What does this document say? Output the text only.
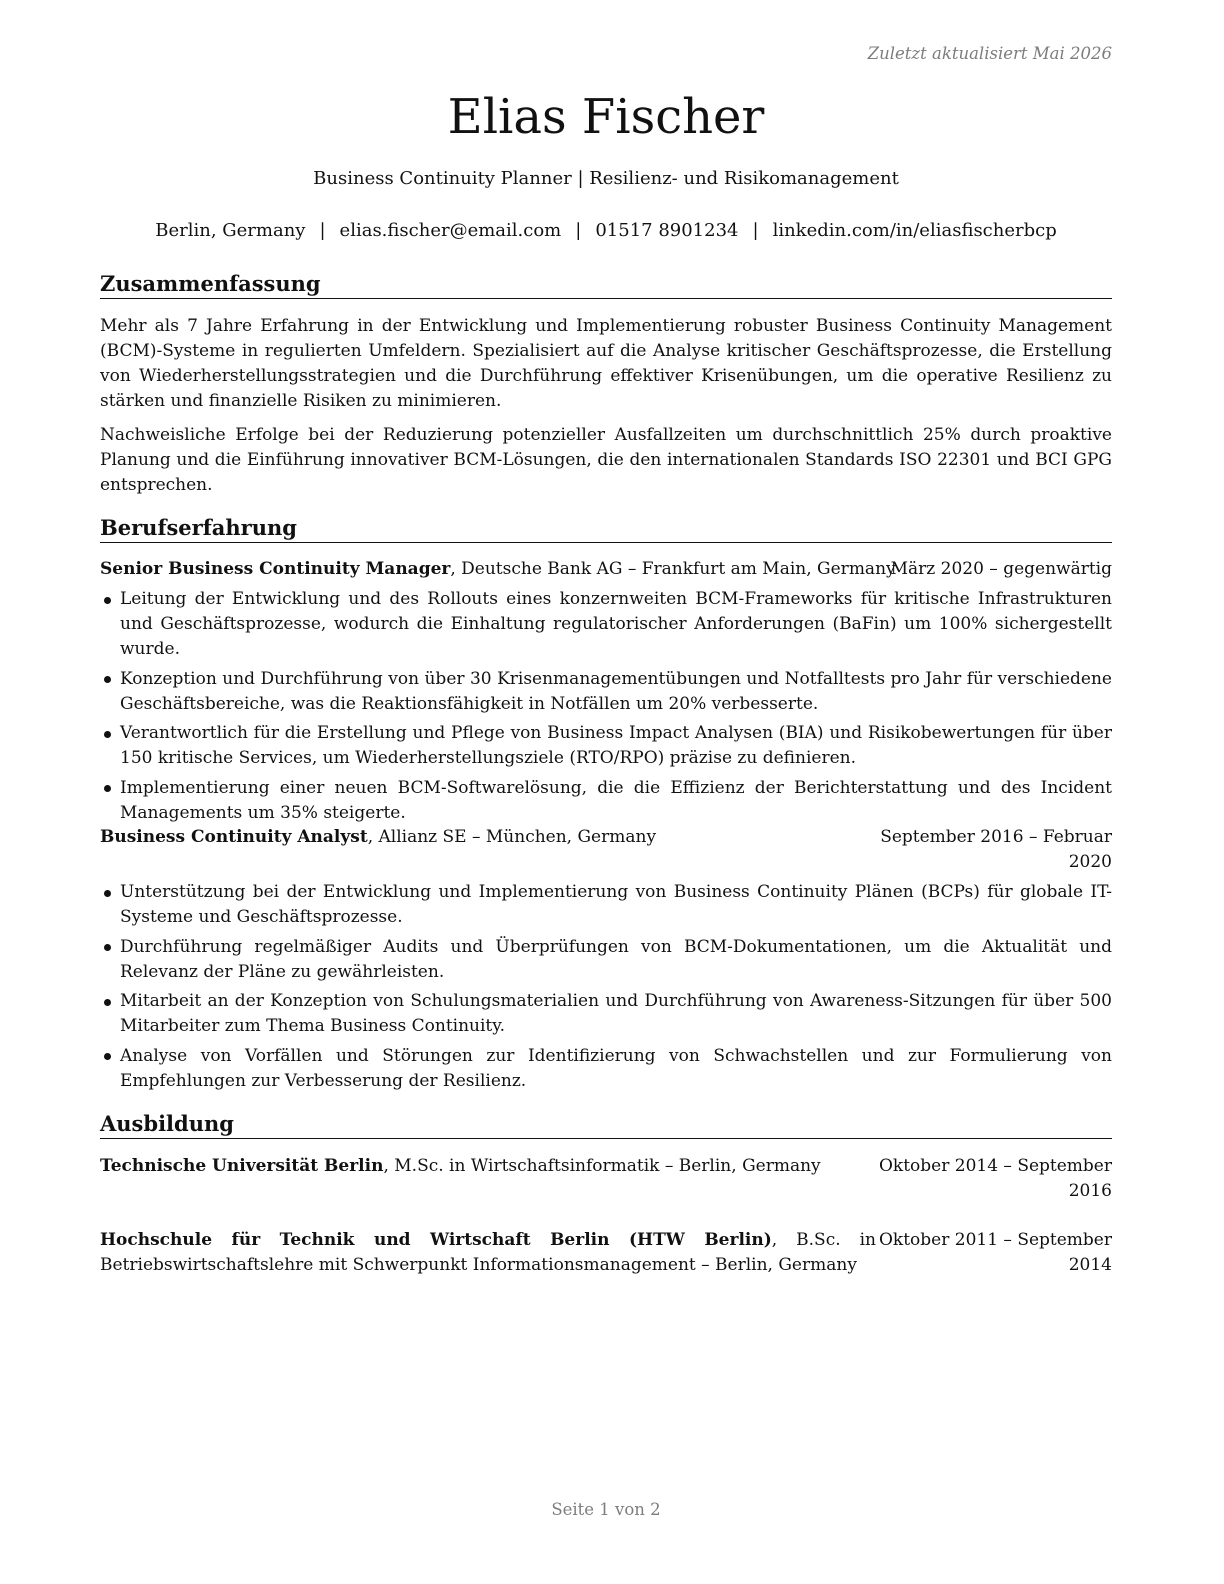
Zuletzt aktualisiert Mai 2026
Elias Fischer
Business Continuity Planner | Resilienz- und Risikomanagement
Berlin, Germany | elias.fischer@email.com | 01517 8901234 | linkedin.com/in/eliasfischerbcp
Zusammenfassung

Mehr als 7 Jahre Erfahrung in der Entwicklung und Implementierung robuster Business Continuity Management (BCM)-Systeme in regulierten Umfeldern. Spezialisiert auf die Analyse kritischer Geschäftsprozesse, die Erstellung von Wiederherstellungsstrategien und die Durchführung effektiver Krisenübungen, um die operative Resilienz zu stärken und finanzielle Risiken zu minimieren.

Nachweisliche Erfolge bei der Reduzierung potenzieller Ausfallzeiten um durchschnittlich 25% durch proaktive Planung und die Einführung innovativer BCM-Lösungen, die den internationalen Standards ISO 22301 und BCI GPG entsprechen.

Berufserfahrung
Senior Business Continuity Manager, Deutsche Bank AG – Frankfurt am Main, Germany
März 2020 – gegenwärtig
Leitung der Entwicklung und des Rollouts eines konzernweiten BCM-Frameworks für kritische Infrastrukturen und Geschäftsprozesse, wodurch die Einhaltung regulatorischer Anforderungen (BaFin) um 100% sichergestellt wurde.
Konzeption und Durchführung von über 30 Krisenmanagementübungen und Notfalltests pro Jahr für verschiedene Geschäftsbereiche, was die Reaktionsfähigkeit in Notfällen um 20% verbesserte.
Verantwortlich für die Erstellung und Pflege von Business Impact Analysen (BIA) und Risikobewertungen für über 150 kritische Services, um Wiederherstellungsziele (RTO/RPO) präzise zu definieren.
Implementierung einer neuen BCM-Softwarelösung, die die Effizienz der Berichterstattung und des Incident Managements um 35% steigerte.
Business Continuity Analyst, Allianz SE – München, Germany	September 2016 – Februar
2020
Unterstützung bei der Entwicklung und Implementierung von Business Continuity Plänen (BCPs) für globale IT-Systeme und Geschäftsprozesse.
Durchführung regelmäßiger Audits und Überprüfungen von BCM-Dokumentationen, um die Aktualität und Relevanz der Pläne zu gewährleisten.
Mitarbeit an der Konzeption von Schulungsmaterialien und Durchführung von Awareness-Sitzungen für über 500 Mitarbeiter zum Thema Business Continuity.
Analyse von Vorfällen und Störungen zur Identifizierung von Schwachstellen und zur Formulierung von Empfehlungen zur Verbesserung der Resilienz.
Ausbildung
Technische Universität Berlin, M.Sc. in Wirtschaftsinformatik – Berlin, Germany	Oktober 2014 – September
2016
Hochschule für Technik und Wirtschaft Berlin (HTW Berlin), B.Sc. in Betriebswirtschaftslehre mit Schwerpunkt Informationsmanagement – Berlin, Germany
Oktober 2011 – September
2014
Seite 1 von 2
